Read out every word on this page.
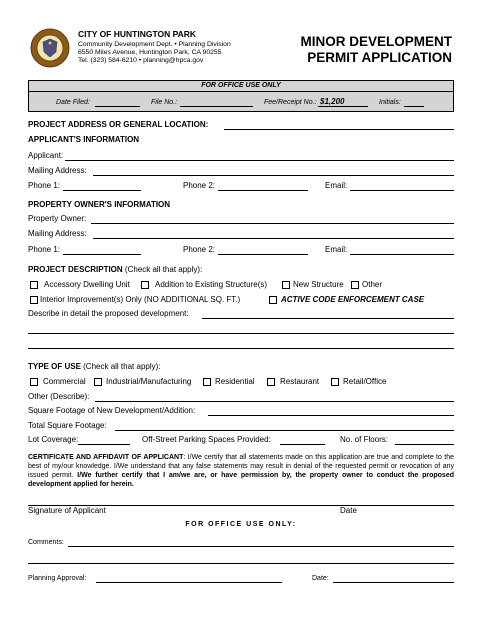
CITY OF HUNTINGTON PARK
Community Development Dept. • Planning Division
6550 Miles Avenue, Huntington Park, CA 90255
Tel. (323) 584-6210 • planning@hpca.gov
MINOR DEVELOPMENT
PERMIT APPLICATION
FOR OFFICE USE ONLY
Date Filed:	File No.:	Fee/Receipt No.: $1,200	Initials:
PROJECT ADDRESS OR GENERAL LOCATION:
APPLICANT'S INFORMATION
Applicant:
Mailing Address:
Phone 1:	Phone 2:	Email:
PROPERTY OWNER'S INFORMATION
Property Owner:
Mailing Address:
Phone 1:	Phone 2:	Email:
PROJECT DESCRIPTION (Check all that apply):
Accessory Dwelling Unit	Addition to Existing Structure(s)	New Structure Other
Interior Improvement(s) Only (NO ADDITIONAL SQ. FT.)	ACTIVE CODE ENFORCEMENT CASE
Describe in detail the proposed development:
TYPE OF USE (Check all that apply):
Commercial	Industrial/Manufacturing	Residential	Restaurant	Retail/Office
Other (Describe):
Square Footage of New Development/Addition:
Total Square Footage:
Lot Coverage:	Off-Street Parking Spaces Provided:	No. of Floors:
CERTIFICATE AND AFFIDAVIT OF APPLICANT: I/We certify that all statements made on this application are true and complete to the best of my/our knowledge. I/We understand that any false statements may result in denial of the requested permit or revocation of any issued permit. I/We further certify that I am/we are, or have permission by, the property owner to conduct the proposed development applied for herein.
Signature of Applicant	Date
FOR OFFICE USE ONLY:
Comments:
Planning Approval:	Date:
